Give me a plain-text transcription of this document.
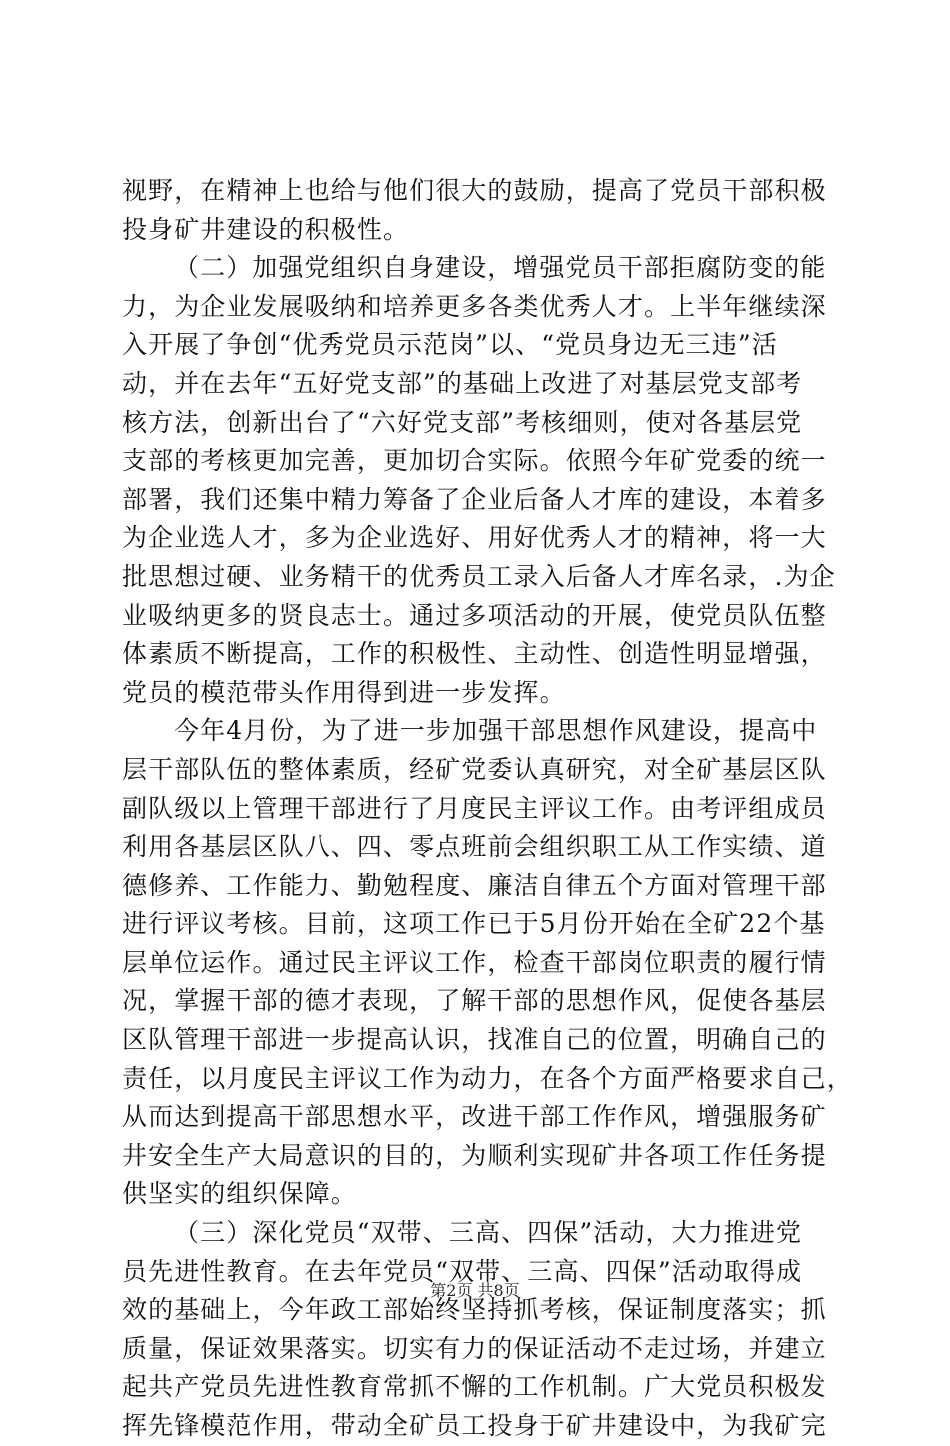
视野，在精神上也给与他们很大的鼓励，提高了党员干部积极
投身矿井建设的积极性。
（二）加强党组织自身建设，增强党员干部拒腐防变的能
力，为企业发展吸纳和培养更多各类优秀人才。上半年继续深
入开展了争创“优秀党员示范岗”以、“党员身边无三违”活
动，并在去年“五好党支部”的基础上改进了对基层党支部考
核方法，创新出台了“六好党支部”考核细则，使对各基层党
支部的考核更加完善，更加切合实际。依照今年矿党委的统一
部署，我们还集中精力筹备了企业后备人才库的建设，本着多
为企业选人才，多为企业选好、用好优秀人才的精神，将一大
批思想过硬、业务精干的优秀员工录入后备人才库名录，.为企
业吸纳更多的贤良志士。通过多项活动的开展，使党员队伍整
体素质不断提高，工作的积极性、主动性、创造性明显增强，
党员的模范带头作用得到进一步发挥。
今年4月份，为了进一步加强干部思想作风建设，提高中
层干部队伍的整体素质，经矿党委认真研究，对全矿基层区队
副队级以上管理干部进行了月度民主评议工作。由考评组成员
利用各基层区队八、四、零点班前会组织职工从工作实绩、道
德修养、工作能力、勤勉程度、廉洁自律五个方面对管理干部
进行评议考核。目前，这项工作已于5月份开始在全矿22个基
层单位运作。通过民主评议工作，检查干部岗位职责的履行情
况，掌握干部的德才表现，了解干部的思想作风，促使各基层
区队管理干部进一步提高认识，找准自己的位置，明确自己的
责任，以月度民主评议工作为动力，在各个方面严格要求自己，
从而达到提高干部思想水平，改进干部工作作风，增强服务矿
井安全生产大局意识的目的，为顺利实现矿井各项工作任务提
供坚实的组织保障。
（三）深化党员“双带、三高、四保”活动，大力推进党
员先进性教育。在去年党员“双带、三高、四保”活动取得成
效的基础上，今年政工部始终坚持抓考核，保证制度落实；抓
质量，保证效果落实。切实有力的保证活动不走过场，并建立
起共产党员先进性教育常抓不懈的工作机制。广大党员积极发
挥先锋模范作用，带动全矿员工投身于矿井建设中，为我矿完
第2页 共8页
